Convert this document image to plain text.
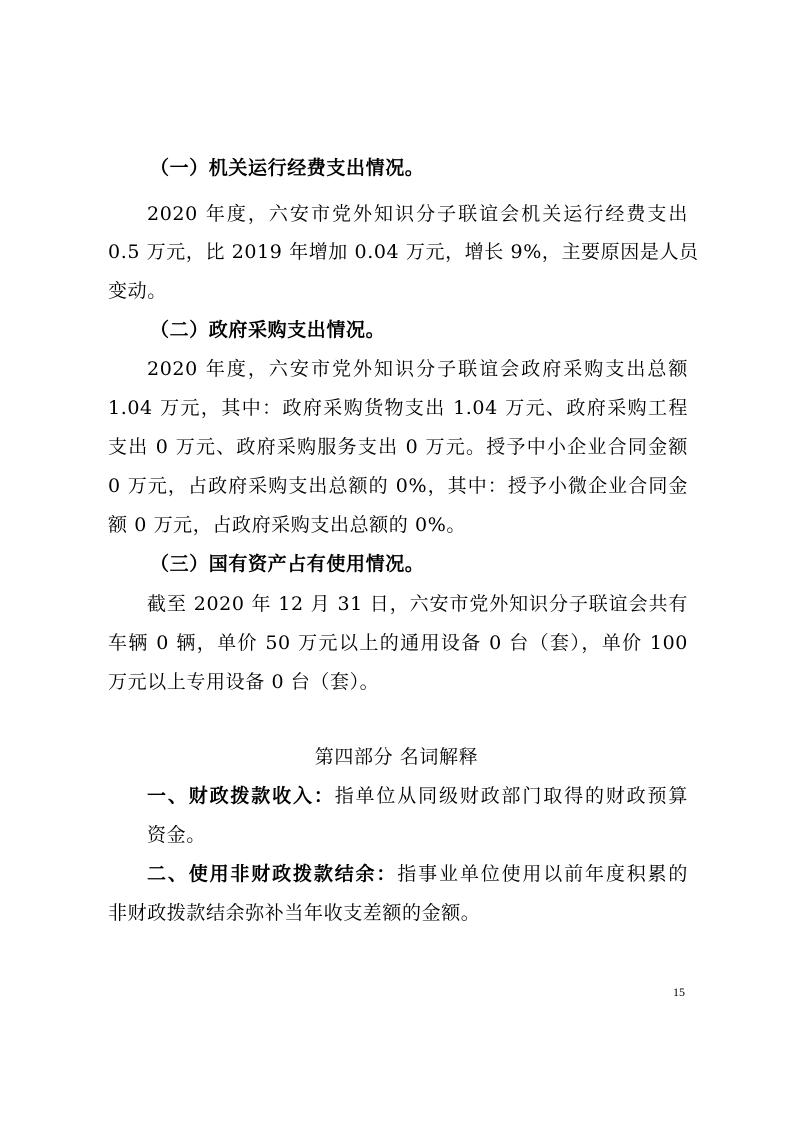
（一）机关运行经费支出情况。
2020 年度，六安市党外知识分子联谊会机关运行经费支出
0.5 万元，比 2019 年增加 0.04 万元，增长 9%，主要原因是人员
变动。
（二）政府采购支出情况。
2020 年度，六安市党外知识分子联谊会政府采购支出总额
1.04 万元，其中：政府采购货物支出 1.04 万元、政府采购工程
支出 0 万元、政府采购服务支出 0 万元。授予中小企业合同金额
0 万元，占政府采购支出总额的 0%，其中：授予小微企业合同金
额 0 万元，占政府采购支出总额的 0%。
（三）国有资产占有使用情况。
截至 2020 年 12 月 31 日，六安市党外知识分子联谊会共有
车辆 0 辆，单价 50 万元以上的通用设备 0 台（套），单价 100
万元以上专用设备 0 台（套）。
第四部分 名词解释
一、财政拨款收入：指单位从同级财政部门取得的财政预算
资金。
二、使用非财政拨款结余：指事业单位使用以前年度积累的
非财政拨款结余弥补当年收支差额的金额。
15
